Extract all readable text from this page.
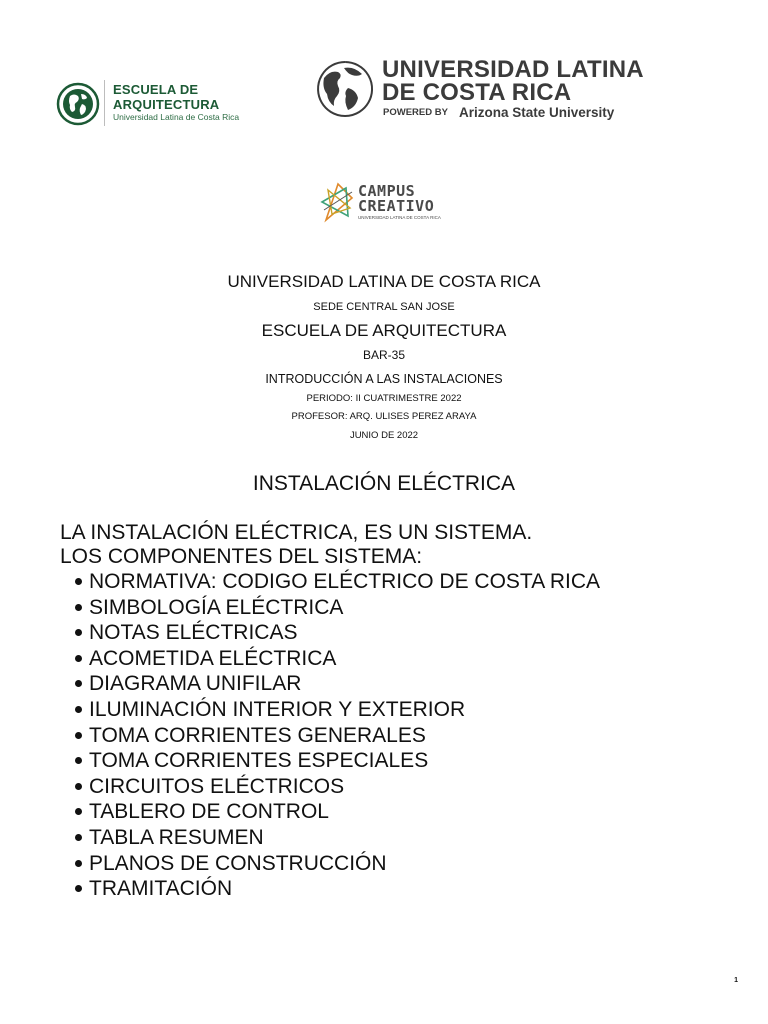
ESCUELA DE
ARQUITECTURA
Universidad Latina de Costa Rica
UNIVERSIDAD LATINA
DE COSTA RICA
POWERED BY Arizona State University
CAMPUS
CREATIVO
UNIVERSIDAD LATINA DE COSTA RICA
UNIVERSIDAD LATINA DE COSTA RICA
SEDE CENTRAL SAN JOSE
ESCUELA DE ARQUITECTURA
BAR-35
INTRODUCCIÓN A LAS INSTALACIONES
PERIODO: II CUATRIMESTRE 2022
PROFESOR: ARQ. ULISES PEREZ ARAYA
JUNIO DE 2022
INSTALACIÓN ELÉCTRICA
LA INSTALACIÓN ELÉCTRICA, ES UN SISTEMA.
LOS COMPONENTES DEL SISTEMA:
NORMATIVA: CODIGO ELÉCTRICO DE COSTA RICA
SIMBOLOGÍA ELÉCTRICA
NOTAS ELÉCTRICAS
ACOMETIDA ELÉCTRICA
DIAGRAMA UNIFILAR
ILUMINACIÓN INTERIOR Y EXTERIOR
TOMA CORRIENTES GENERALES
TOMA CORRIENTES ESPECIALES
CIRCUITOS ELÉCTRICOS
TABLERO DE CONTROL
TABLA RESUMEN
PLANOS DE CONSTRUCCIÓN
TRAMITACIÓN
1
